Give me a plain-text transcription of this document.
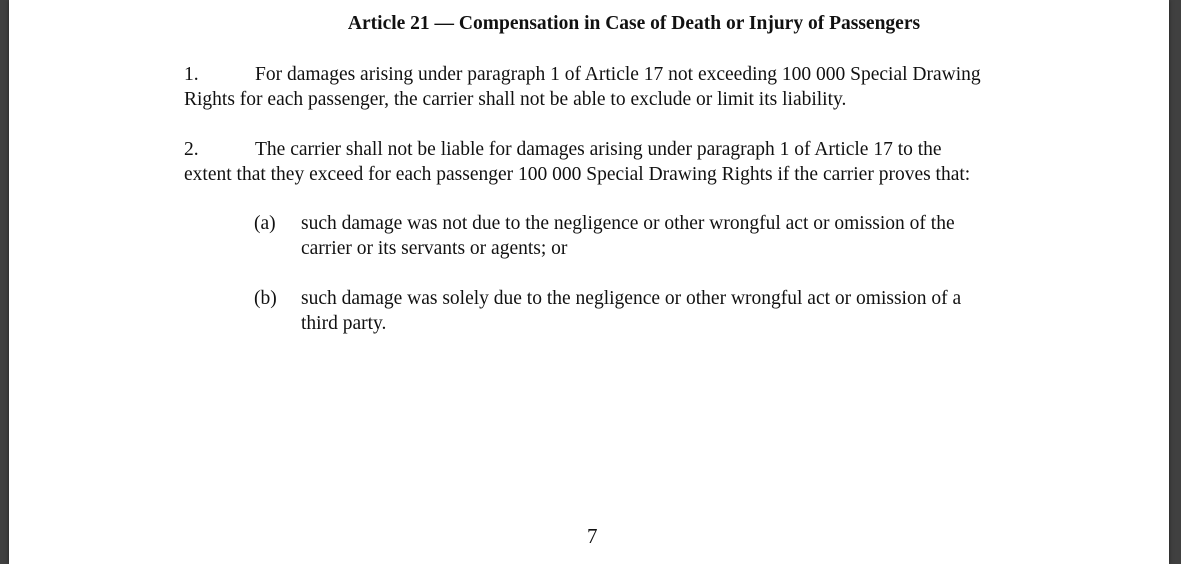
Article 21 — Compensation in Case of Death or Injury of Passengers
1.	For damages arising under paragraph 1 of Article 17 not exceeding 100 000 Special Drawing
Rights for each passenger, the carrier shall not be able to exclude or limit its liability.
2.	The carrier shall not be liable for damages arising under paragraph 1 of Article 17 to the
extent that they exceed for each passenger 100 000 Special Drawing Rights if the carrier proves that:
(a) such damage was not due to the negligence or other wrongful act or omission of the
carrier or its servants or agents; or
(b) such damage was solely due to the negligence or other wrongful act or omission of a
third party.
7
